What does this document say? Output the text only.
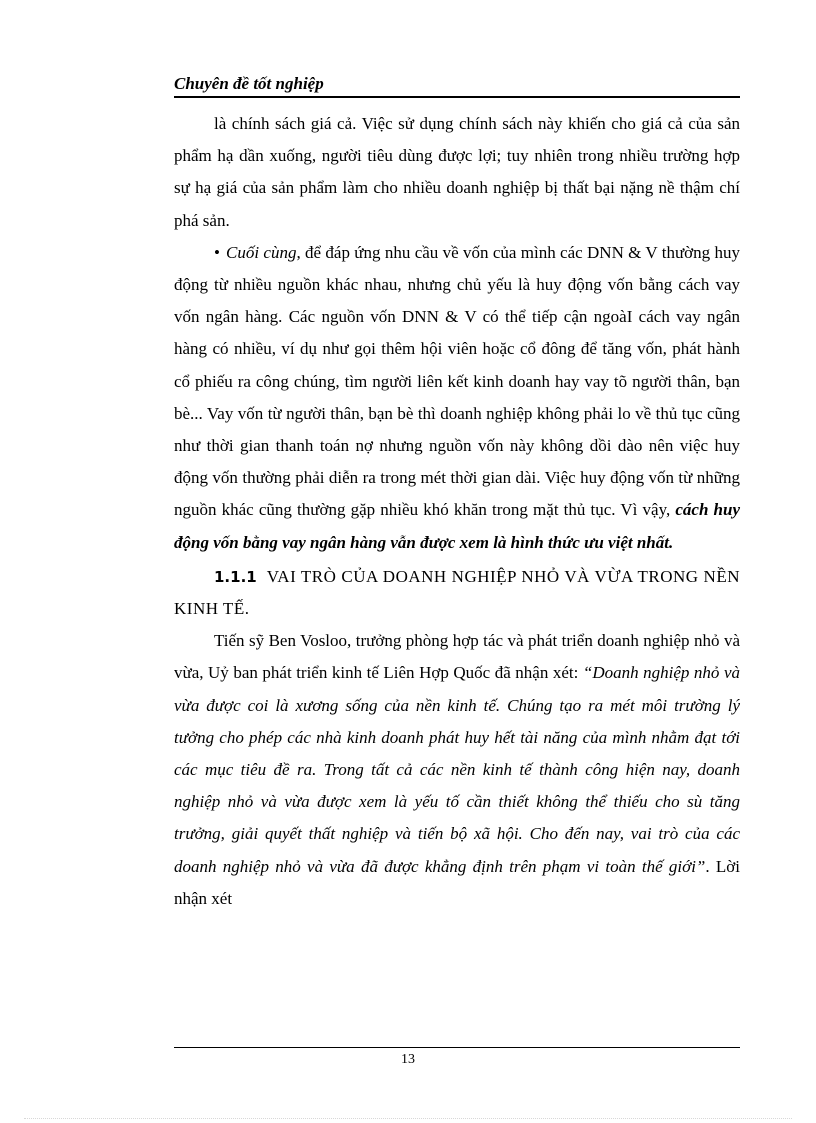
Chuyên đề tốt nghiệp

là chính sách giá cả. Việc sử dụng chính sách này khiến cho giá cả của sản phẩm hạ dần xuống, người tiêu dùng được lợi; tuy nhiên trong nhiều trường hợp sự hạ giá của sản phẩm làm cho nhiều doanh nghiệp bị thất bại nặng nề thậm chí phá sản.

• Cuối cùng, để đáp ứng nhu cầu về vốn của mình các DNN & V thường huy động từ nhiều nguồn khác nhau, nhưng chủ yếu là huy động vốn bằng cách vay vốn ngân hàng. Các nguồn vốn DNN & V có thể tiếp cận ngoàI cách vay ngân hàng có nhiều, ví dụ như gọi thêm hội viên hoặc cổ đông để tăng vốn, phát hành cổ phiếu ra công chúng, tìm người liên kết kinh doanh hay vay tõ người thân, bạn bè... Vay vốn từ người thân, bạn bè thì doanh nghiệp không phải lo về thủ tục cũng như thời gian thanh toán nợ nhưng nguồn vốn này không dồi dào nên việc huy động vốn thường phải diễn ra trong mét thời gian dài. Việc huy động vốn từ những nguồn khác cũng thường gặp nhiều khó khăn trong mặt thủ tục. Vì vậy, cách huy động vốn bằng vay ngân hàng vẫn được xem là hình thức ưu việt nhất.

1.1.1 VAI TRÒ CỦA DOANH NGHIỆP NHỎ VÀ VỪA TRONG NỀN KINH TẾ.

Tiến sỹ Ben Vosloo, trưởng phòng hợp tác và phát triển doanh nghiệp nhỏ và vừa, Uỷ ban phát triển kinh tế Liên Hợp Quốc đã nhận xét: “Doanh nghiệp nhỏ và vừa được coi là xương sống của nền kinh tế. Chúng tạo ra mét môi trường lý tưởng cho phép các nhà kinh doanh phát huy hết tài năng của mình nhằm đạt tới các mục tiêu đề ra. Trong tất cả các nền kinh tế thành công hiện nay, doanh nghiệp nhỏ và vừa được xem là yếu tố cần thiết không thể thiếu cho sù tăng trưởng, giải quyết thất nghiệp và tiến bộ xã hội. Cho đến nay, vai trò của các doanh nghiệp nhỏ và vừa đã được khẳng định trên phạm vi toàn thế giới”. Lời nhận xét

13
